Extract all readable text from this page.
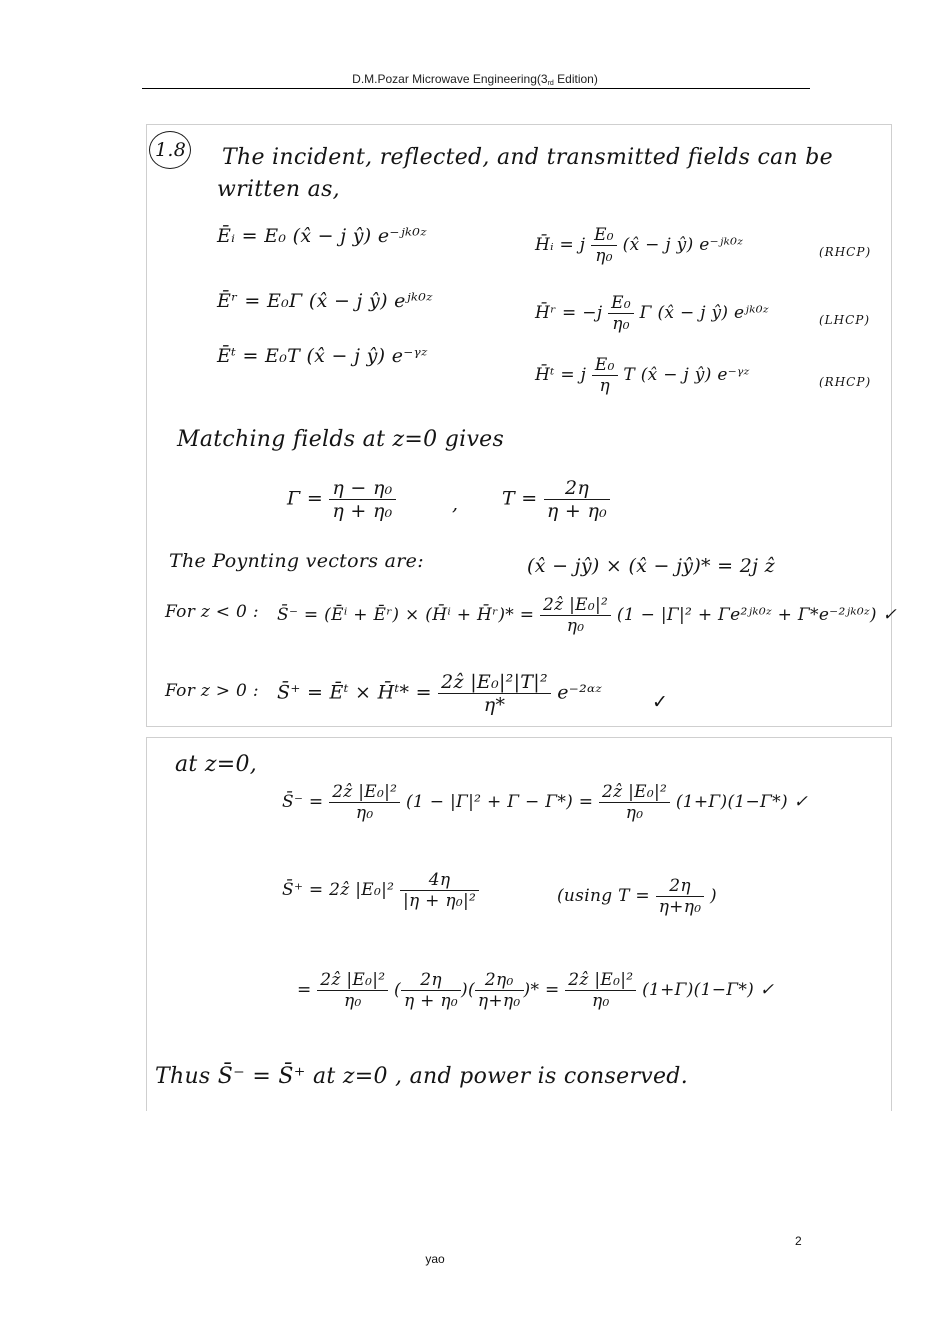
D.M.Pozar Microwave Engineering(3rd Edition)
1.8 The incident, reflected, and transmitted fields can be
written as,
Ēᵢ = E₀ (x̂ − j ŷ) e⁻ʲᵏ⁰ᶻ
Ēʳ = E₀Γ (x̂ − j ŷ) eʲᵏ⁰ᶻ
Ēᵗ = E₀T (x̂ − j ŷ) e⁻ᵞᶻ
H̄ᵢ = j $\frac{\text{E₀}}{\text{η₀}}$ (x̂ − j ŷ) e⁻ʲᵏ⁰ᶻ	(RHCP)
H̄ʳ = $-j \frac{\text{E₀}}{\text{η₀}}$ Γ (x̂ − j ŷ) eʲᵏ⁰ᶻ	(LHCP)
H̄ᵗ = j $\frac{\text{E₀}}{\eta}$ T (x̂ − j ŷ) e⁻ᵞᶻ	(RHCP)
Matching fields at z=0 gives
$\Gamma = \frac{\text{η − η₀}}{\text{η + η₀}}$	, $T = \frac{2\eta}{\text{η + η₀}}$
The Poynting vectors are:	(x̂ − jŷ) × (x̂ − jŷ)* = 2j ẑ
For z < 0 : S̄⁻ = (Ēⁱ + Ēʳ) × (H̄ⁱ + H̄ʳ)* = $\frac{\text{2ẑ |E₀|²}}{\text{η₀}} (1 - |\Gamma|^2$ + Γe²ʲᵏ⁰ᶻ + Γ*e⁻²ʲᵏ⁰ᶻ) ✓
For z > 0 : S̄⁺ = Ēᵗ × H̄ᵗ* = $\frac{\text{2ẑ |E₀|²|T|²}}{\eta*}$ e⁻²ᵅᶻ	✓
at z=0,
S̄⁻ = $\frac{\text{2ẑ |E₀|²}}{\text{η₀}} (1 - |\Gamma|^2 + \Gamma - \Gamma*) = \frac{\text{2ẑ |E₀|²}}{\text{η₀}} (1+\Gamma)(1-\Gamma*)$ ✓
S̄⁺ = 2ẑ $|E_0|^2 \frac{4\eta}{\text{|η + η₀|²}}$	(using $T = \frac{2\eta}{\text{η+η₀}}$ )
= $\frac{\text{2ẑ |E₀|²}}{\text{η₀}}$ ( $\frac{2\eta}{\text{η + η₀}}$ )( $\frac{\text{2η₀}}{\text{η+η₀}}$ )* = $\frac{\text{2ẑ |E₀|²}}{\text{η₀}} (1+\Gamma)(1-\Gamma*)$ ✓
Thus S̄⁻ = S̄⁺ at z=0 , and power is conserved.
2
yao
